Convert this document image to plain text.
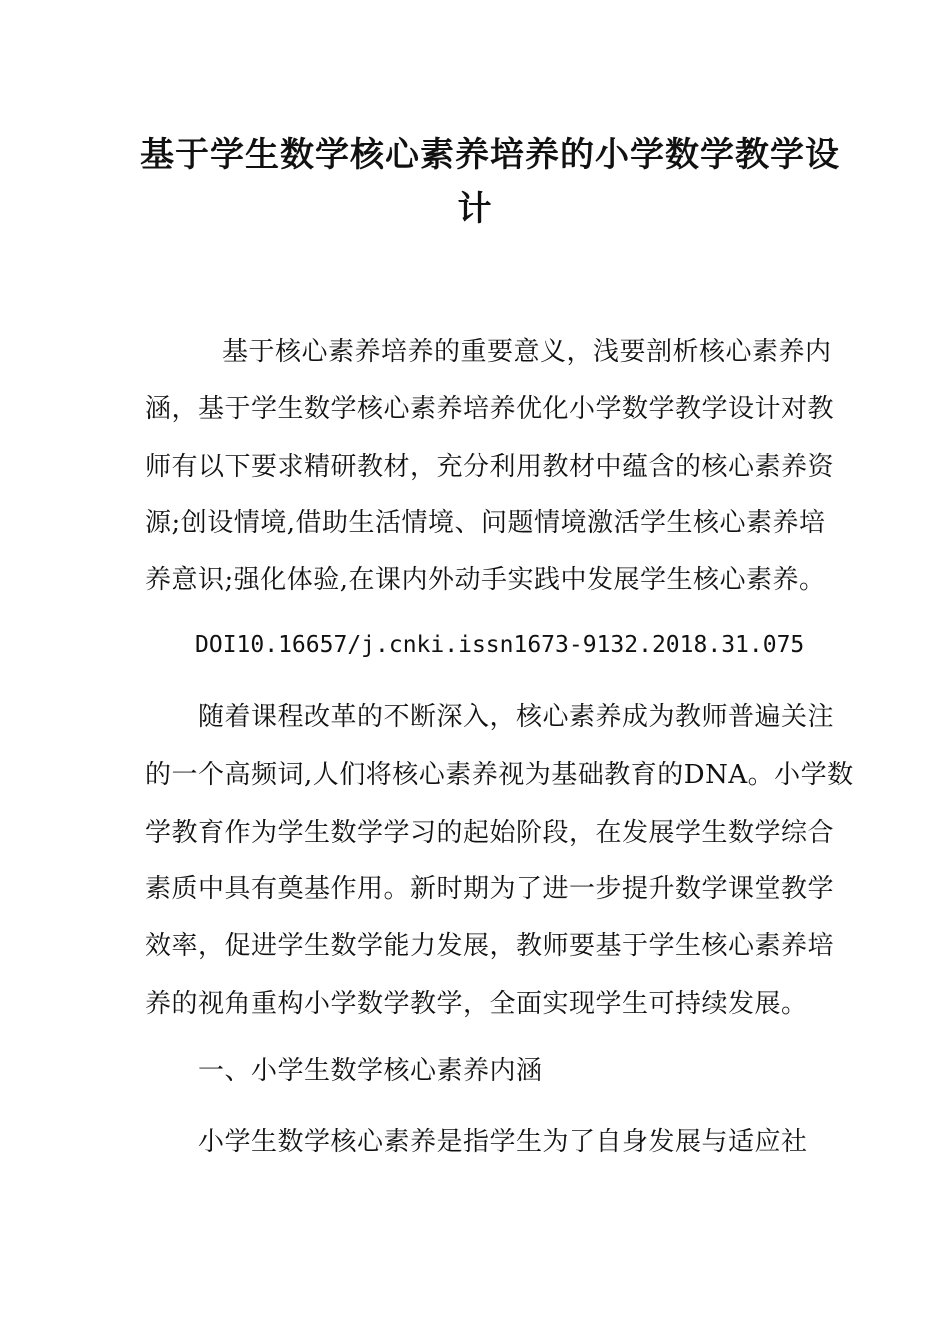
基于学生数学核心素养培养的小学数学教学设
计
基于核心素养培养的重要意义，浅要剖析核心素养内
涵，基于学生数学核心素养培养优化小学数学教学设计对教
师有以下要求精研教材，充分利用教材中蕴含的核心素养资
源;创设情境,借助生活情境、问题情境激活学生核心素养培
养意识;强化体验,在课内外动手实践中发展学生核心素养。
DOI10.16657/j.cnki.issn1673-9132.2018.31.075
随着课程改革的不断深入，核心素养成为教师普遍关注
的一个高频词,人们将核心素养视为基础教育的DNA。小学数
学教育作为学生数学学习的起始阶段，在发展学生数学综合
素质中具有奠基作用。新时期为了进一步提升数学课堂教学
效率，促进学生数学能力发展，教师要基于学生核心素养培
养的视角重构小学数学教学，全面实现学生可持续发展。
一、小学生数学核心素养内涵
小学生数学核心素养是指学生为了自身发展与适应社
